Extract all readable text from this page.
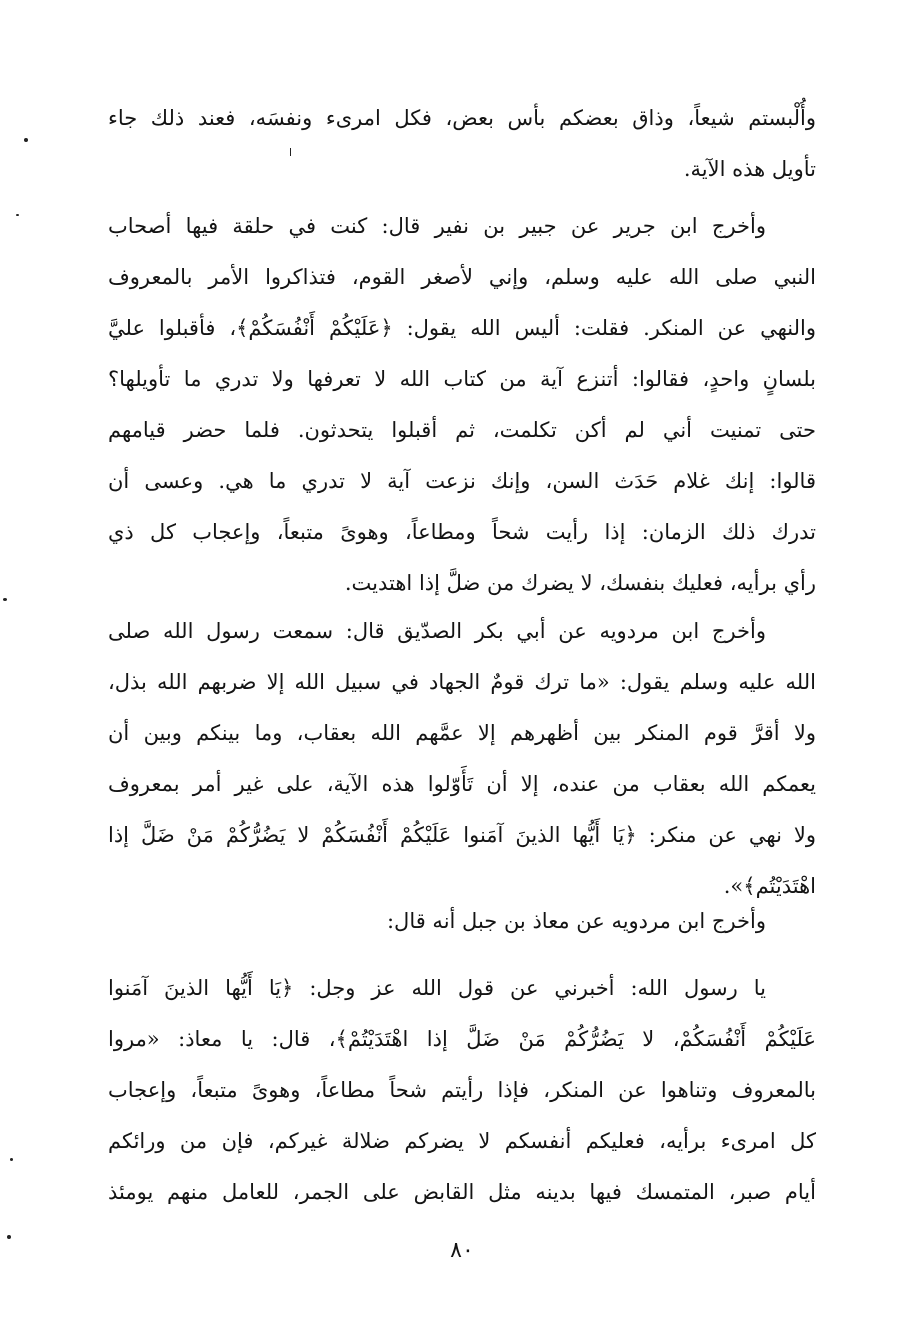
وأُلْبستم شيعاً، وذاق بعضكم بأس بعض، فكل امرىء ونفسَه، فعند ذلك جاء
تأويل هذه الآية.
وأخرج ابن جرير عن جبير بن نفير قال: كنت في حلقة فيها أصحاب
النبي صلى الله عليه وسلم، وإني لأصغر القوم، فتذاكروا الأمر بالمعروف
والنهي عن المنكر. فقلت: أليس الله يقول: ﴿عَلَيْكُمْ أَنْفُسَكُمْ﴾، فأقبلوا عليَّ
بلسانٍ واحدٍ، فقالوا: أتنزع آية من كتاب الله لا تعرفها ولا تدري ما تأويلها؟
حتى تمنيت أني لم أكن تكلمت، ثم أقبلوا يتحدثون. فلما حضر قيامهم
قالوا: إنك غلام حَدَث السن، وإنك نزعت آية لا تدري ما هي. وعسى أن
تدرك ذلك الزمان: إذا رأيت شحاً ومطاعاً، وهوىً متبعاً، وإعجاب كل ذي
رأي برأيه، فعليك بنفسك، لا يضرك من ضلَّ إذا اهتديت.
وأخرج ابن مردويه عن أبي بكر الصدّيق قال: سمعت رسول الله صلى
الله عليه وسلم يقول: «ما ترك قومٌ الجهاد في سبيل الله إلا ضربهم الله بذل،
ولا أقرَّ قوم المنكر بين أظهرهم إلا عمَّهم الله بعقاب، وما بينكم وبين أن
يعمكم الله بعقاب من عنده، إلا أن تَأَوّلوا هذه الآية، على غير أمر بمعروف
ولا نهي عن منكر: ﴿يَا أَيُّها الذينَ آمَنوا عَلَيْكُمْ أَنْفُسَكُمْ لا يَضُرُّكُمْ مَنْ ضَلَّ إذا
اهْتَدَيْتُم﴾».
وأخرج ابن مردويه عن معاذ بن جبل أنه قال:
يا رسول الله: أخبرني عن قول الله عز وجل: ﴿يَا أَيُّها الذينَ آمَنوا
عَلَيْكُمْ أَنْفُسَكُمْ، لا يَضُرُّكُمْ مَنْ ضَلَّ إذا اهْتَدَيْتُمْ﴾، قال: يا معاذ: «مروا
بالمعروف وتناهوا عن المنكر، فإذا رأيتم شحاً مطاعاً، وهوىً متبعاً، وإعجاب
كل امرىء برأيه، فعليكم أنفسكم لا يضركم ضلالة غيركم، فإن من ورائكم
أيام صبر، المتمسك فيها بدينه مثل القابض على الجمر، للعامل منهم يومئذ
٨٠
